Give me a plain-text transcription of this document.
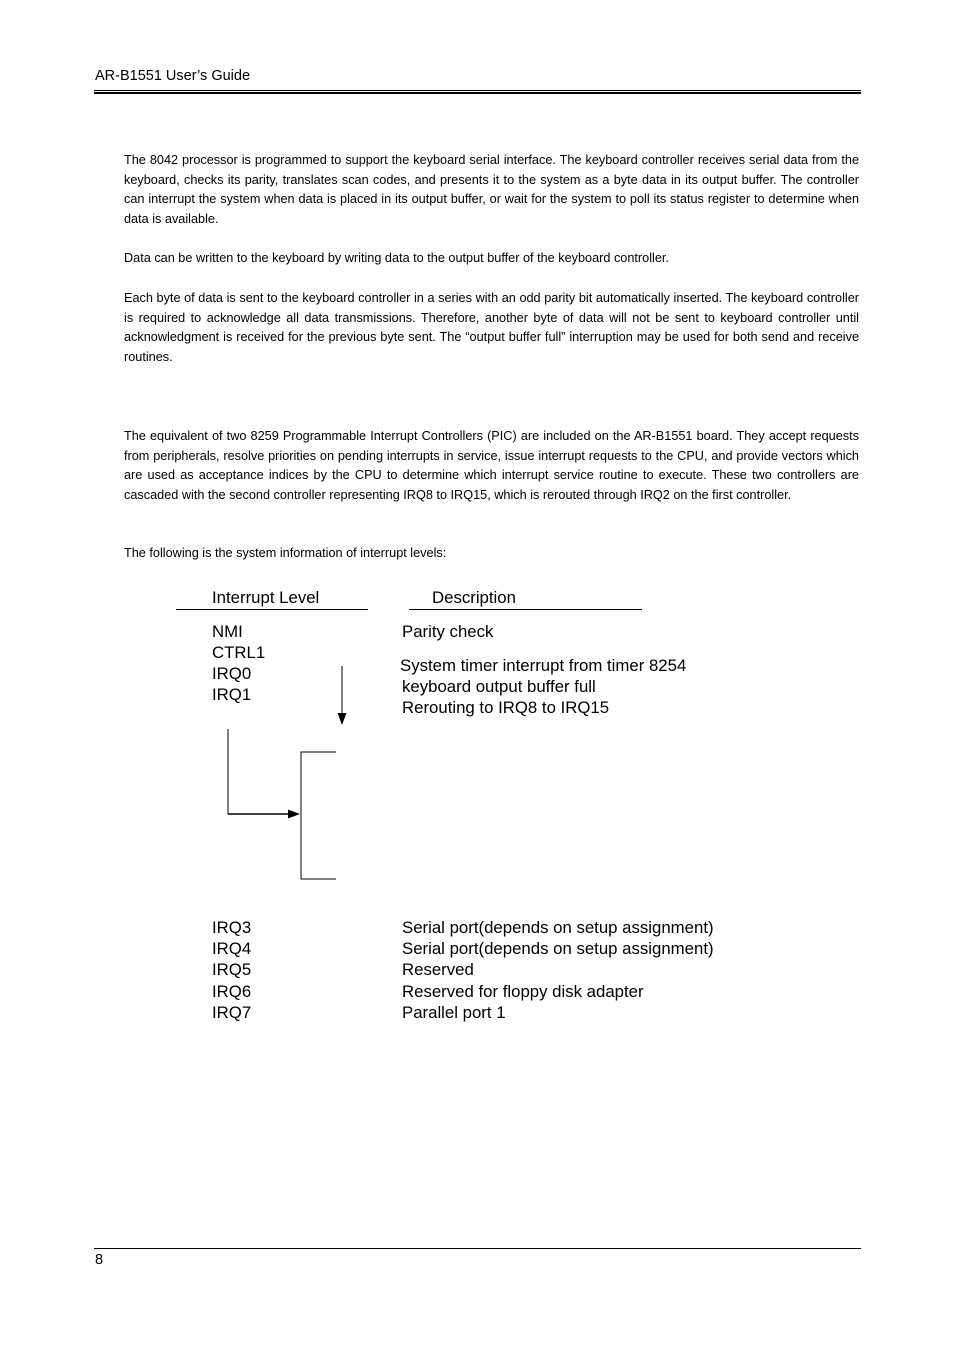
AR-B1551 User’s Guide

The 8042 processor is programmed to support the keyboard serial interface. The keyboard controller receives serial data from the keyboard, checks its parity, translates scan codes, and presents it to the system as a byte data in its output buffer. The controller can interrupt the system when data is placed in its output buffer, or wait for the system to poll its status register to determine when data is available.

Data can be written to the keyboard by writing data to the output buffer of the keyboard controller.

Each byte of data is sent to the keyboard controller in a series with an odd parity bit automatically inserted. The keyboard controller is required to acknowledge all data transmissions. Therefore, another byte of data will not be sent to keyboard controller until acknowledgment is received for the previous byte sent. The “output buffer full” interruption may be used for both send and receive routines.

The equivalent of two 8259 Programmable Interrupt Controllers (PIC) are included on the AR-B1551 board. They accept requests from peripherals, resolve priorities on pending interrupts in service, issue interrupt requests to the CPU, and provide vectors which are used as acceptance indices by the CPU to determine which interrupt service routine to execute. These two controllers are cascaded with the second controller representing IRQ8 to IRQ15, which is rerouted through IRQ2 on the first controller.

The following is the system information of interrupt levels:

Interrupt Level	Description
NMI
CTRL1
IRQ0
IRQ1
Parity check
System timer interrupt from timer 8254
keyboard output buffer full
Rerouting to IRQ8 to IRQ15
IRQ3
IRQ4
IRQ5
IRQ6
IRQ7
Serial port(depends on setup assignment)
Serial port(depends on setup assignment)
Reserved
Reserved for floppy disk adapter
Parallel port 1
8
